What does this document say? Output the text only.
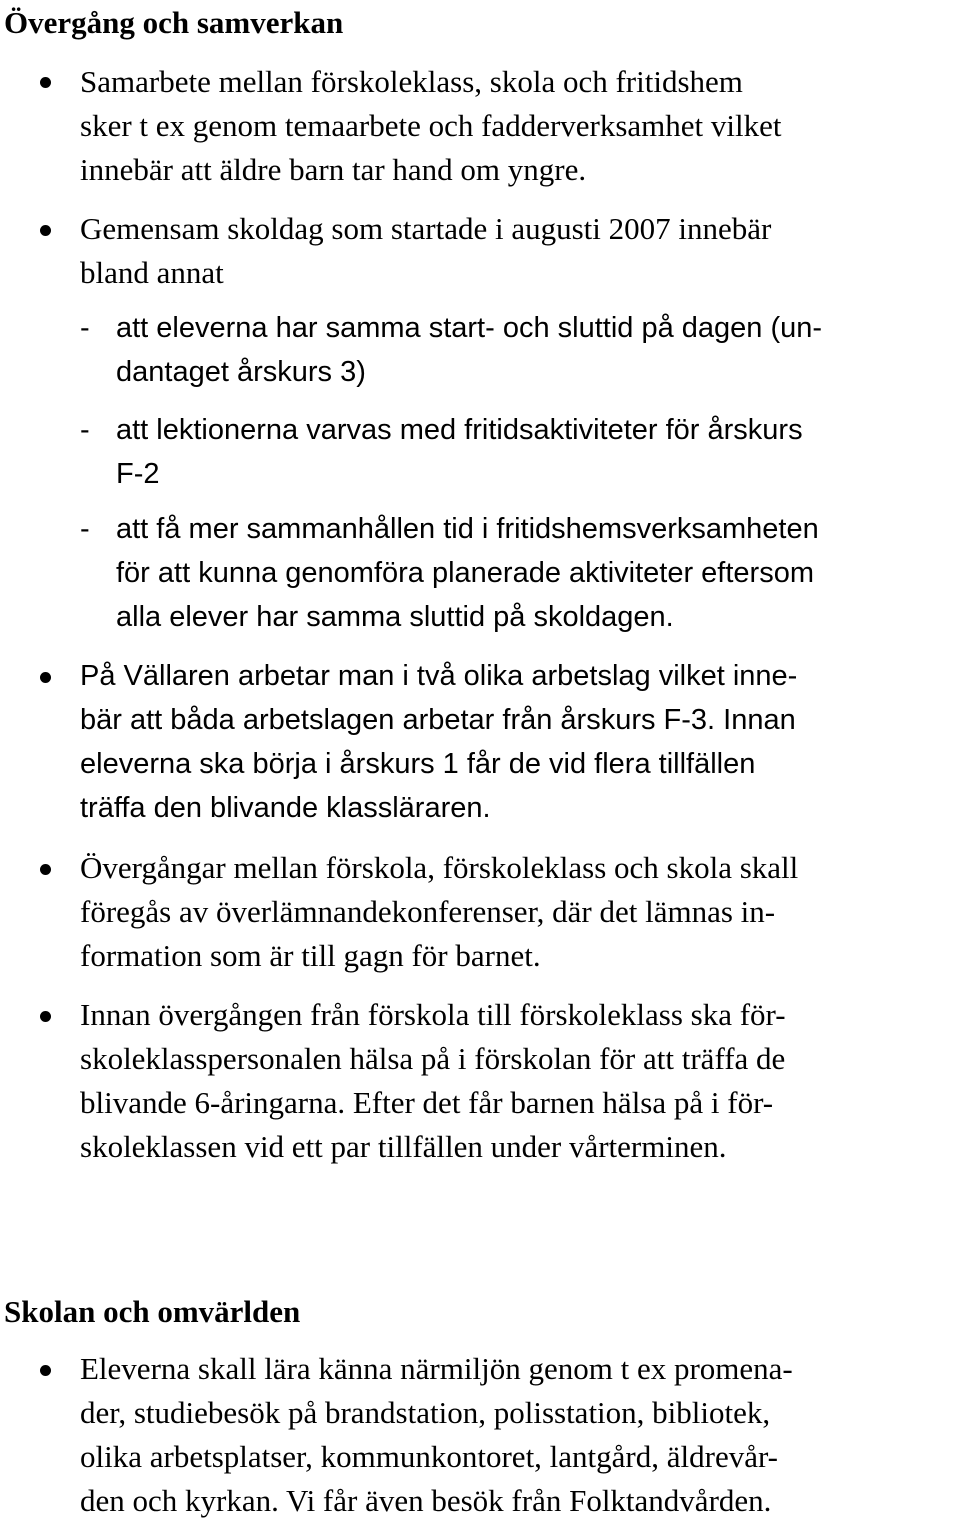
Övergång och samverkan
Samarbete mellan förskoleklass, skola och fritidshem
sker t ex genom temaarbete och fadderverksamhet vilket
innebär att äldre barn tar hand om yngre.
Gemensam skoldag som startade i augusti 2007 innebär
bland annat
- att eleverna har samma start- och sluttid på dagen (un-
dantaget årskurs 3)
- att lektionerna varvas med fritidsaktiviteter för årskurs
F-2
- att få mer sammanhållen tid i fritidshemsverksamheten
för att kunna genomföra planerade aktiviteter eftersom
alla elever har samma sluttid på skoldagen.
På Vällaren arbetar man i två olika arbetslag vilket inne-
bär att båda arbetslagen arbetar från årskurs F-3. Innan
eleverna ska börja i årskurs 1 får de vid flera tillfällen
träffa den blivande klassläraren.
Övergångar mellan förskola, förskoleklass och skola skall
föregås av överlämnandekonferenser, där det lämnas in-
formation som är till gagn för barnet.
Innan övergången från förskola till förskoleklass ska för-
skoleklasspersonalen hälsa på i förskolan för att träffa de
blivande 6-åringarna. Efter det får barnen hälsa på i för-
skoleklassen vid ett par tillfällen under vårterminen.
Skolan och omvärlden
Eleverna skall lära känna närmiljön genom t ex promena-
der, studiebesök på brandstation, polisstation, bibliotek,
olika arbetsplatser, kommunkontoret, lantgård, äldrevår-
den och kyrkan. Vi får även besök från Folktandvården.
